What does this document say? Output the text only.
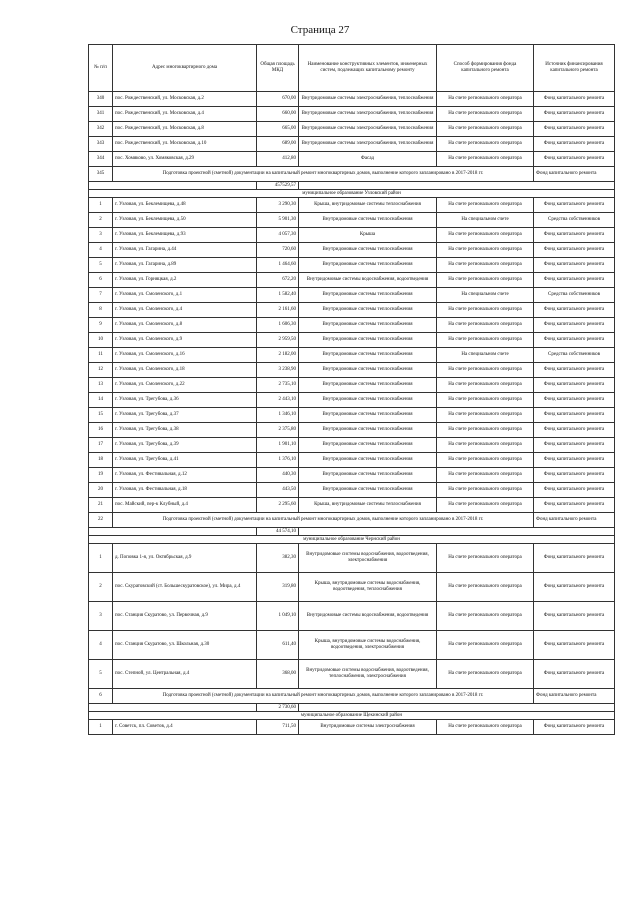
Страница 27
№ п/п	Адрес многоквартирного дома	Общая площадь МКД	Наименование конструктивных элементов, инженерных систем, подлежащих капитальному ремонту	Способ формирования фонда капитального ремонта	Источник финансирования капитального ремонта
340	пос. Рождественский, ул. Московская, д.2	670,00	Внутридомовые системы электроснабжения, теплоснабжения	На счете регионального оператора	Фонд капитального ремонта
341	пос. Рождественский, ул. Московская, д.4	660,00	Внутридомовые системы электроснабжения, теплоснабжения	На счете регионального оператора	Фонд капитального ремонта
342	пос. Рождественский, ул. Московская, д.8	665,00	Внутридомовые системы электроснабжения, теплоснабжения	На счете регионального оператора	Фонд капитального ремонта
343	пос. Рождественский, ул. Московская, д.10	689,00	Внутридомовые системы электроснабжения, теплоснабжения	На счете регионального оператора	Фонд капитального ремонта
344	пос. Хомяково, ул. Хомяковская, д.29	412,80	Фасад	На счете регионального оператора	Фонд капитального ремонта
345	Подготовка проектной (сметной) документации на капитальный ремонт многоквартирных домов, выполнение которого запланировано в 2017-2018 гг.				Фонд капитального ремонта
		457529,57			
муниципальное образование Узловский район					
1	г. Узловая, ул. Беклемищева, д.48	3 290,30	Крыша, внутридомовые системы теплоснабжения	На счете регионального оператора	Фонд капитального ремонта
2	г. Узловая, ул. Беклемищева, д.50	5 901,30	Внутридомовые системы теплоснабжения	На специальном счете	Средства собственников
3	г. Узловая, ул. Беклемищева, д.93	4 057,30	Крыша	На счете регионального оператора	Фонд капитального ремонта
4	г. Узловая, ул. Гагарина, д.44	720,60	Внутридомовые системы теплоснабжения	На счете регионального оператора	Фонд капитального ремонта
5	г. Узловая, ул. Гагарина, д.89	1 464,60	Внутридомовые системы теплоснабжения	На счете регионального оператора	Фонд капитального ремонта
6	г. Узловая, ул. Горняцкая, д.2	672,20	Внутридомовые системы водоснабжения, водоотведения	На счете регионального оператора	Фонд капитального ремонта
7	г. Узловая, ул. Смоленского, д.1	1 582,40	Внутридомовые системы теплоснабжения	На специальном счете	Средства собственников
8	г. Узловая, ул. Смоленского, д.4	2 161,60	Внутридомовые системы теплоснабжения	На счете регионального оператора	Фонд капитального ремонта
9	г. Узловая, ул. Смоленского, д.8	1 606,30	Внутридомовые системы теплоснабжения	На счете регионального оператора	Фонд капитального ремонта
10	г. Узловая, ул. Смоленского, д.9	2 959,50	Внутридомовые системы теплоснабжения	На счете регионального оператора	Фонд капитального ремонта
11	г. Узловая, ул. Смоленского, д.16	2 182,00	Внутридомовые системы теплоснабжения	На специальном счете	Средства собственников
12	г. Узловая, ул. Смоленского, д.18	3 238,90	Внутридомовые системы теплоснабжения	На счете регионального оператора	Фонд капитального ремонта
13	г. Узловая, ул. Смоленского, д.22	2 735,10	Внутридомовые системы теплоснабжения	На счете регионального оператора	Фонд капитального ремонта
14	г. Узловая, ул. Трегубова, д.36	2 443,10	Внутридомовые системы теплоснабжения	На счете регионального оператора	Фонд капитального ремонта
15	г. Узловая, ул. Трегубова, д.37	1 346,10	Внутридомовые системы теплоснабжения	На счете регионального оператора	Фонд капитального ремонта
16	г. Узловая, ул. Трегубова, д.38	2 375,80	Внутридомовые системы теплоснабжения	На счете регионального оператора	Фонд капитального ремонта
17	г. Узловая, ул. Трегубова, д.39	1 901,10	Внутридомовые системы теплоснабжения	На счете регионального оператора	Фонд капитального ремонта
18	г. Узловая, ул. Трегубова, д.41	1 376,10	Внутридомовые системы теплоснабжения	На счете регионального оператора	Фонд капитального ремонта
19	г. Узловая, ул. Фестивальная, д.12	440,30	Внутридомовые системы теплоснабжения	На счете регионального оператора	Фонд капитального ремонта
20	г. Узловая, ул. Фестивальная, д.18	443,50	Внутридомовые системы теплоснабжения	На счете регионального оператора	Фонд капитального ремонта
21	пос. Майский, пер-к Клубный, д.4	2 295,60	Крыша, внутридомовые системы теплоснабжения	На счете регионального оператора	Фонд капитального ремонта
22	Подготовка проектной (сметной) документации на капитальный ремонт многоквартирных домов, выполнение которого запланировано в 2017-2018 гг.				Фонд капитального ремонта
		44 574,10			
муниципальное образование Чернский район					
1	д. Поповка 1-я, ул. Октябрьская, д.9	382,30	Внутридомовые системы водоснабжения, водоотведения, электроснабжения	На счете регионального оператора	Фонд капитального ремонта
2	пос. Скуратовский (ст. Большескуратовское), ул. Мира, д.4	319,80	Крыша, внутридомовые системы водоснабжения, водоотведения, теплоснабжения	На счете регионального оператора	Фонд капитального ремонта
3	пос. Станция Скуратово, ул. Первочная, д.9	1 049,10	Внутридомовые системы водоснабжения, водоотведения	На счете регионального оператора	Фонд капитального ремонта
4	пос. Станция Скуратово, ул. Школьная, д.30	611,40	Крыша, внутридомовые системы водоснабжения, водоотведения, электроснабжения	На счете регионального оператора	Фонд капитального ремонта
5	пос. Степной, ул. Центральная, д.4	368,00	Внутридомовые системы водоснабжения, водоотведения, теплоснабжения, электроснабжения	На счете регионального оператора	Фонд капитального ремонта
6	Подготовка проектной (сметной) документации на капитальный ремонт многоквартирных домов, выполнение которого запланировано в 2017-2018 гг.				Фонд капитального ремонта
		2 730,60			
муниципальное образование Щекинский район					
1	г. Советск, пл. Советов, д.4	711,50	Внутридомовые системы электроснабжения	На счете регионального оператора	Фонд капитального ремонта
